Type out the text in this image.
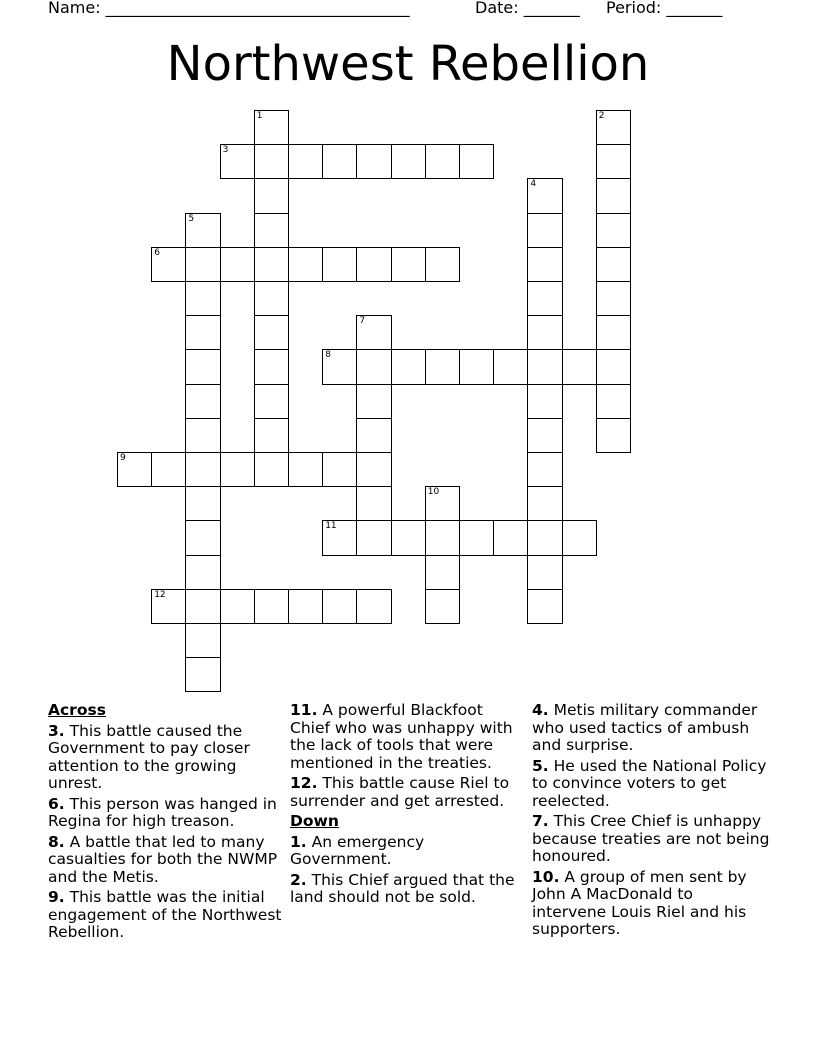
Name: ______________________________________	Date: _______ Period: _______
Northwest Rebellion
1	2
3
4
5
6
7
8
9
10
11
12
Across
3. This battle caused the Government to pay closer attention to the growing unrest.
6. This person was hanged in Regina for high treason.
8. A battle that led to many casualties for both the NWMP and the Metis.
9. This battle was the initial engagement of the Northwest Rebellion.
11. A powerful Blackfoot Chief who was unhappy with the lack of tools that were mentioned in the treaties.
12. This battle cause Riel to surrender and get arrested.
Down
1. An emergency Government.
2. This Chief argued that the land should not be sold.
4. Metis military commander who used tactics of ambush and surprise.
5. He used the National Policy to convince voters to get reelected.
7. This Cree Chief is unhappy because treaties are not being honoured.
10. A group of men sent by John A MacDonald to intervene Louis Riel and his supporters.
